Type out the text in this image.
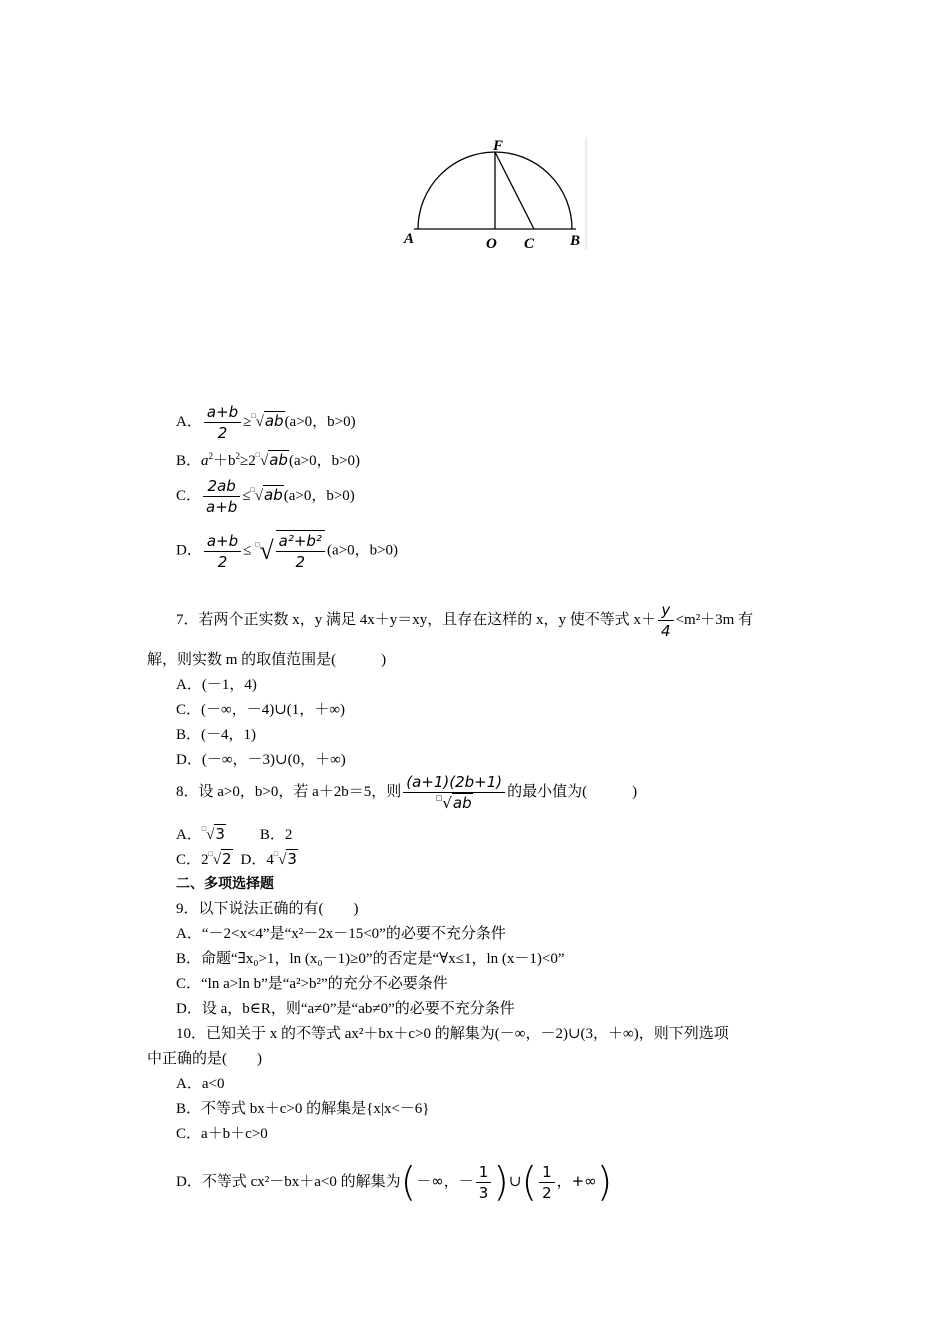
F
A	O C B
A． $\frac{a+b}{2} \ge^□√ab(a>0$，b>0)
B．$a^2+b^2\ge 2^□√ab(a>0$，b>0)
C． $\frac{2ab}{a+b} \le^□√ab(a>0$，b>0)
D． $\frac{a+b}{2} \le ^□√ \frac{\text{a²+b²}}{2} (a>0$，b>0)
7．若两个正实数 x，y 满足 4x＋y＝xy，且存在这样的 x，y 使不等式 $x+ \frac{y}{4} <m^2+3m$ 有
解，则实数 m 的取值范围是(　　　)
A．(－1，4)
C．(－∞，－4)∪(1，＋∞)
B．(－4，1)
D．(－∞，－3)∪(0，＋∞)
8．设 a>0，b>0，若 a＋2b＝5，则 $\frac{(a+1)(2b+1)}{^□√ab}$ 的最小值为(　　　)
A．□√3 B．2
C．2□√2 D．4□√3
二、多项选择题
9．以下说法正确的有(　　)
A．“－2<x<4”是“x²－2x－15<0”的必要不充分条件
B．命题“∃x₀>1，ln (x₀－1)≥0”的否定是“∀x≤1，ln (x－1)<0”
C．“ln a>ln b”是“a²>b²”的充分不必要条件
D．设 a，b∈R，则“a≠0”是“ab≠0”的必要不充分条件
10．已知关于 x 的不等式 ax²＋bx＋c>0 的解集为(－∞，－2)∪(3，＋∞)，则下列选项
中正确的是(　　)
A．a<0
B．不等式 bx＋c>0 的解集是{x|x<－6}
C．a＋b＋c>0
D．不等式 cx²－bx＋a<0 的解集为(－∞，－ $\frac{1}{3}$ )∪( $\frac{1}{2}$ ，+∞)
